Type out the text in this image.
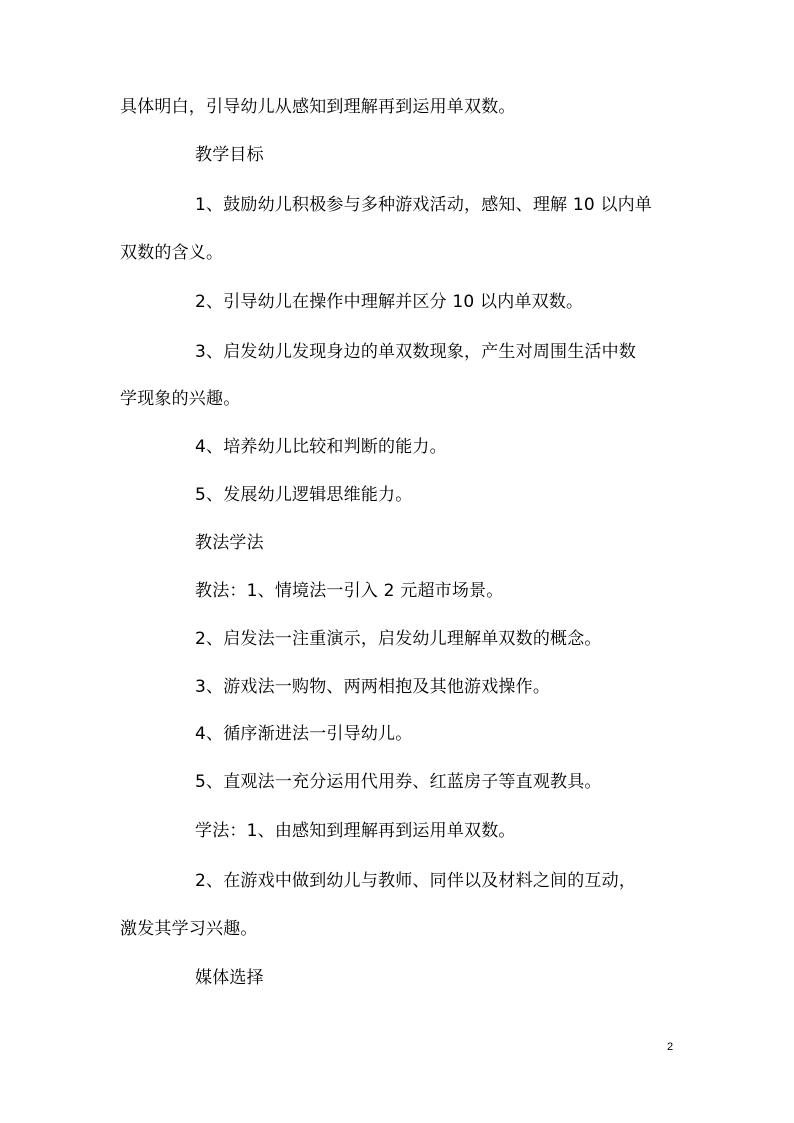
具体明白，引导幼儿从感知到理解再到运用单双数。
教学目标
1、鼓励幼儿积极参与多种游戏活动，感知、理解 10 以内单
双数的含义。
2、引导幼儿在操作中理解并区分 10 以内单双数。
3、启发幼儿发现身边的单双数现象，产生对周围生活中数
学现象的兴趣。
4、培养幼儿比较和判断的能力。
5、发展幼儿逻辑思维能力。
教法学法
教法：1、情境法一引入 2 元超市场景。
2、启发法一注重演示，启发幼儿理解单双数的概念。
3、游戏法一购物、两两相抱及其他游戏操作。
4、循序渐进法一引导幼儿。
5、直观法一充分运用代用券、红蓝房子等直观教具。
学法：1、由感知到理解再到运用单双数。
2、在游戏中做到幼儿与教师、同伴以及材料之间的互动，
激发其学习兴趣。
媒体选择
2
